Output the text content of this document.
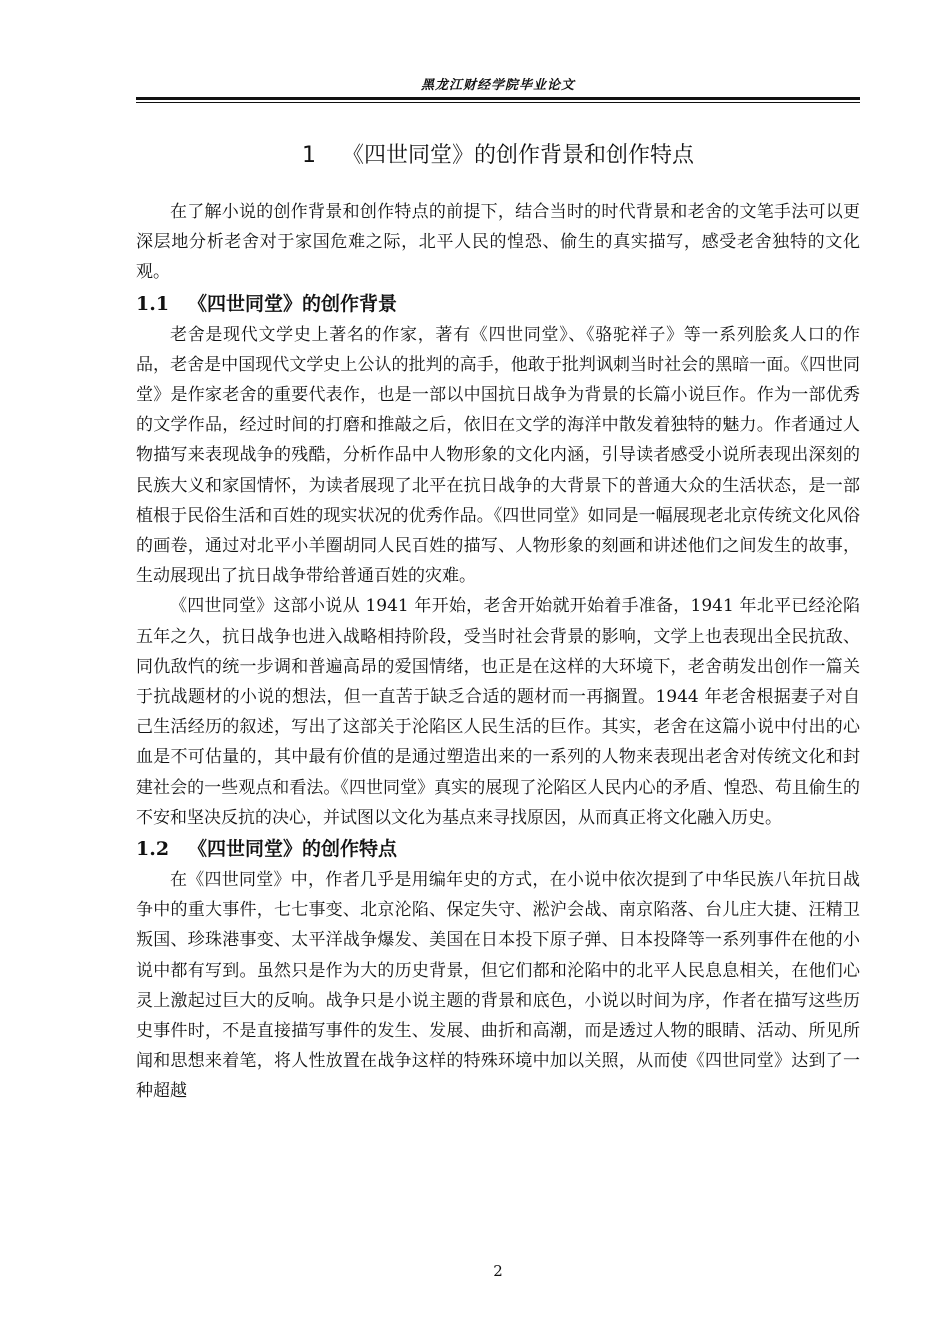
黑龙江财经学院毕业论文
1 《四世同堂》的创作背景和创作特点

在了解小说的创作背景和创作特点的前提下，结合当时的时代背景和老舍的文笔手法可以更深层地分析老舍对于家国危难之际，北平人民的惶恐、偷生的真实描写，感受老舍独特的文化观。

1.1 《四世同堂》的创作背景

老舍是现代文学史上著名的作家，著有《四世同堂》、《骆驼祥子》等一系列脍炙人口的作品，老舍是中国现代文学史上公认的批判的高手，他敢于批判讽刺当时社会的黑暗一面。《四世同堂》是作家老舍的重要代表作，也是一部以中国抗日战争为背景的长篇小说巨作。作为一部优秀的文学作品，经过时间的打磨和推敲之后，依旧在文学的海洋中散发着独特的魅力。作者通过人物描写来表现战争的残酷，分析作品中人物形象的文化内涵，引导读者感受小说所表现出深刻的民族大义和家国情怀，为读者展现了北平在抗日战争的大背景下的普通大众的生活状态，是一部植根于民俗生活和百姓的现实状况的优秀作品。《四世同堂》如同是一幅展现老北京传统文化风俗的画卷，通过对北平小羊圈胡同人民百姓的描写、人物形象的刻画和讲述他们之间发生的故事，生动展现出了抗日战争带给普通百姓的灾难。

《四世同堂》这部小说从 1941 年开始，老舍开始就开始着手准备，1941 年北平已经沦陷五年之久，抗日战争也进入战略相持阶段，受当时社会背景的影响，文学上也表现出全民抗敌、同仇敌忾的统一步调和普遍高昂的爱国情绪，也正是在这样的大环境下，老舍萌发出创作一篇关于抗战题材的小说的想法，但一直苦于缺乏合适的题材而一再搁置。1944 年老舍根据妻子对自己生活经历的叙述，写出了这部关于沦陷区人民生活的巨作。其实，老舍在这篇小说中付出的心血是不可估量的，其中最有价值的是通过塑造出来的一系列的人物来表现出老舍对传统文化和封建社会的一些观点和看法。《四世同堂》真实的展现了沦陷区人民内心的矛盾、惶恐、苟且偷生的不安和坚决反抗的决心，并试图以文化为基点来寻找原因，从而真正将文化融入历史。

1.2 《四世同堂》的创作特点

在《四世同堂》中，作者几乎是用编年史的方式，在小说中依次提到了中华民族八年抗日战争中的重大事件，七七事变、北京沦陷、保定失守、淞沪会战、南京陷落、台儿庄大捷、汪精卫叛国、珍珠港事变、太平洋战争爆发、美国在日本投下原子弹、日本投降等一系列事件在他的小说中都有写到。虽然只是作为大的历史背景，但它们都和沦陷中的北平人民息息相关，在他们心灵上激起过巨大的反响。战争只是小说主题的背景和底色，小说以时间为序，作者在描写这些历史事件时，不是直接描写事件的发生、发展、曲折和高潮，而是透过人物的眼睛、活动、所见所闻和思想来着笔，将人性放置在战争这样的特殊环境中加以关照，从而使《四世同堂》达到了一种超越

2
